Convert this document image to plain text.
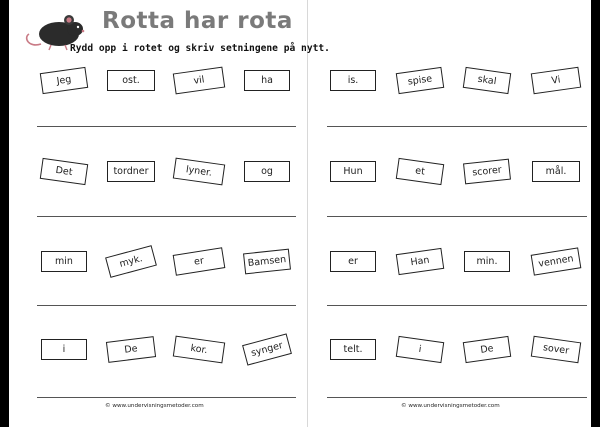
Rotta har rota
Rydd opp i rotet og skriv setningene på nytt.
Jeg	ost.	vil	ha
Det	tordner	lyner.	og
min	myk.	er	Bamsen
i	De	kor.	synger
is.	spise	skal	Vi
Hun	et	scorer	mål.
er	Han	min.	vennen
telt.	i	De	sover
© www.undervisningsmetoder.com	© www.undervisningsmetoder.com
